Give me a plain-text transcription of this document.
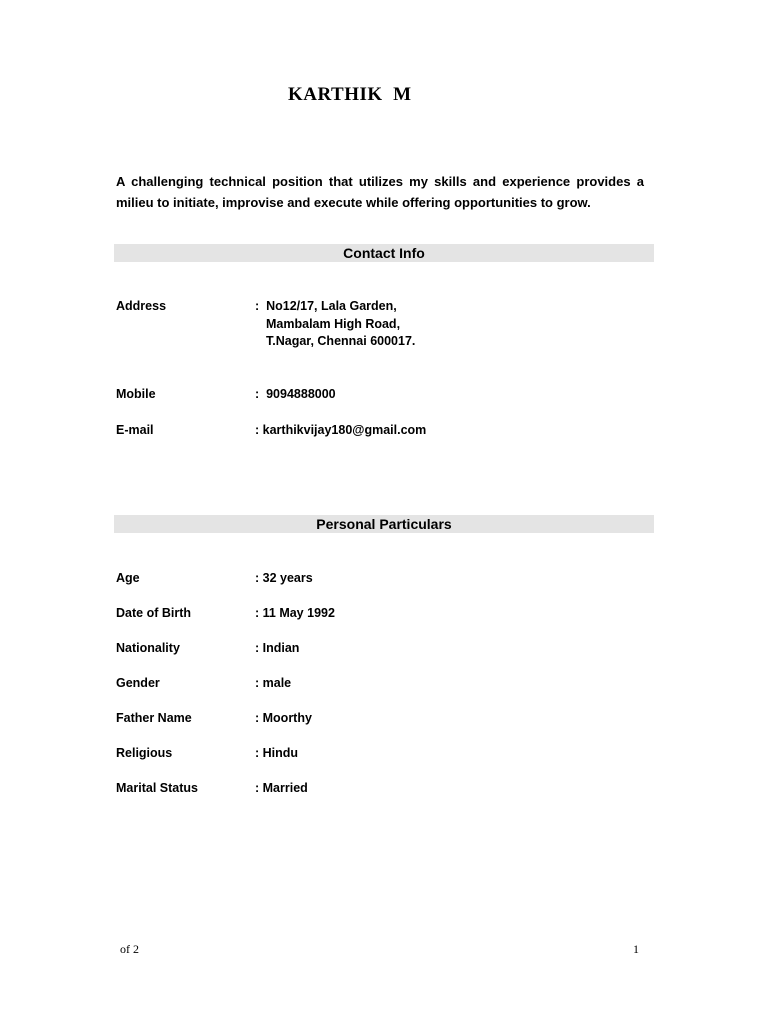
KARTHIK  M
A challenging technical position that utilizes my skills and experience provides a milieu to initiate, improvise and execute while offering opportunities to grow.
Contact Info
Address	:  No12/17, Lala Garden,
Mambalam High Road,
T.Nagar, Chennai 600017.
Mobile	:  9094888000
E-mail	: karthikvijay180@gmail.com
Personal Particulars
Age	: 32 years
Date of Birth	: 11 May 1992
Nationality	: Indian
Gender	: male
Father Name	: Moorthy
Religious	: Hindu
Marital Status	: Married
of 2	1
